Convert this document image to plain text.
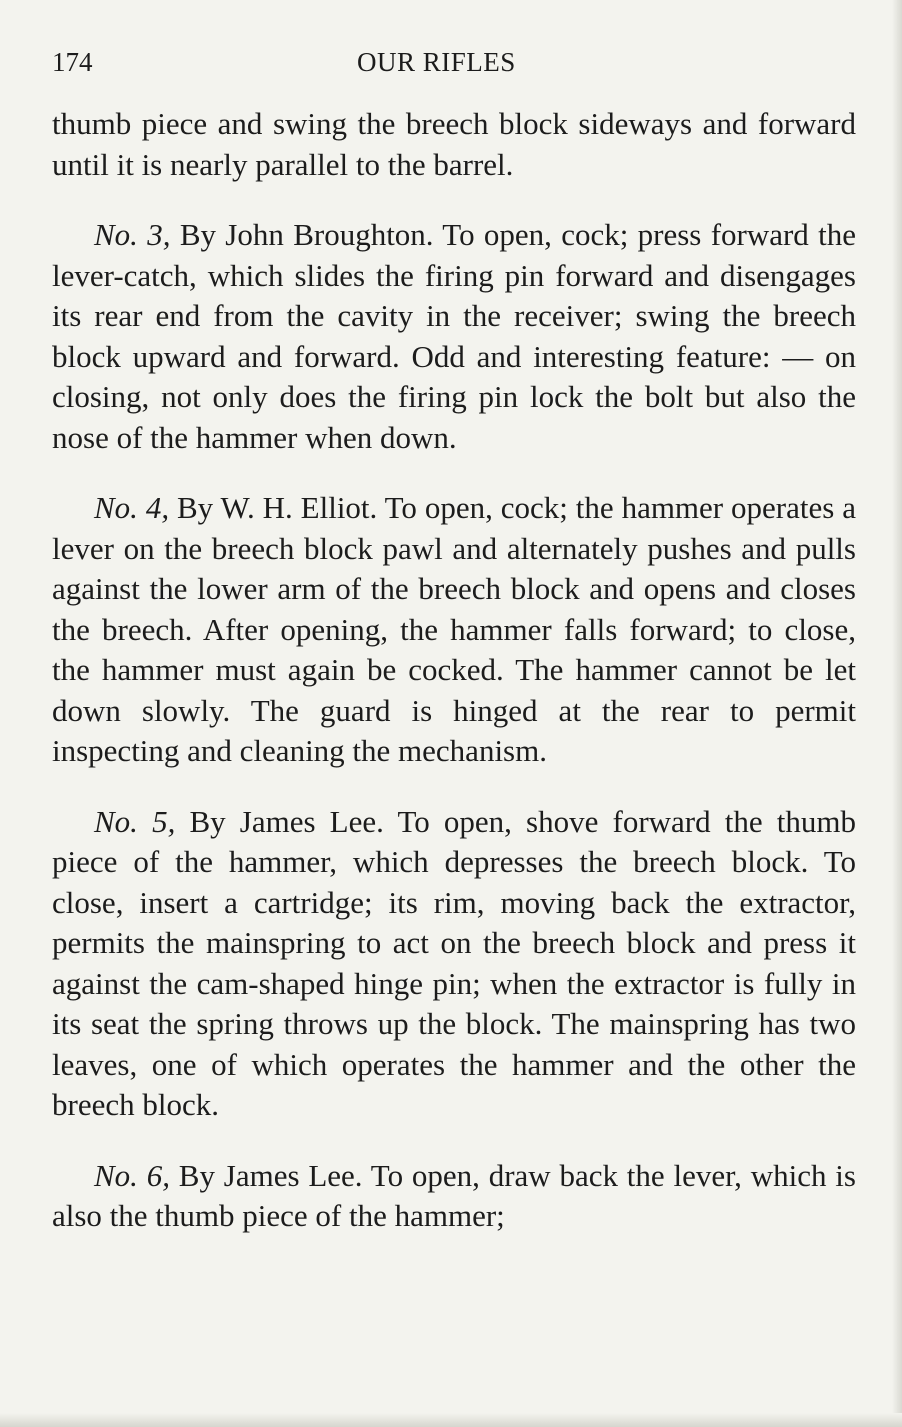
174	OUR RIFLES

thumb piece and swing the breech block sideways and forward until it is nearly parallel to the barrel.

No. 3, By John Broughton. To open, cock; press forward the lever-catch, which slides the firing pin forward and disengages its rear end from the cavity in the receiver; swing the breech block upward and forward. Odd and interesting feature: — on closing, not only does the firing pin lock the bolt but also the nose of the hammer when down.

No. 4, By W. H. Elliot. To open, cock; the hammer operates a lever on the breech block pawl and alternately pushes and pulls against the lower arm of the breech block and opens and closes the breech. After opening, the hammer falls forward; to close, the hammer must again be cocked. The hammer cannot be let down slowly. The guard is hinged at the rear to permit inspecting and cleaning the mechanism.

No. 5, By James Lee. To open, shove forward the thumb piece of the hammer, which depresses the breech block. To close, insert a cartridge; its rim, moving back the extractor, permits the mainspring to act on the breech block and press it against the cam-shaped hinge pin; when the extractor is fully in its seat the spring throws up the block. The mainspring has two leaves, one of which operates the hammer and the other the breech block.

No. 6, By James Lee. To open, draw back the lever, which is also the thumb piece of the hammer;
